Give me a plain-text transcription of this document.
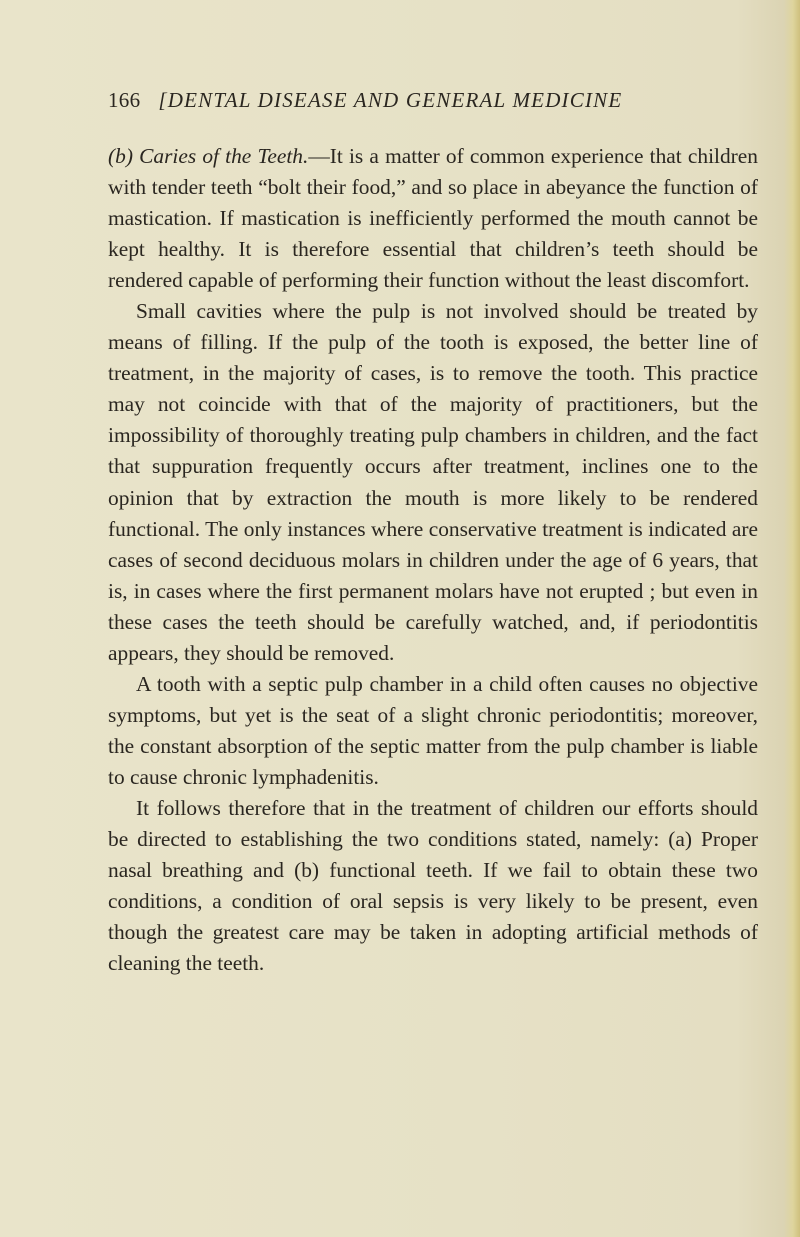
166 [DENTAL DISEASE AND GENERAL MEDICINE

(b) Caries of the Teeth.—It is a matter of common experience that children with tender teeth “bolt their food,” and so place in abeyance the function of mastication. If mastication is inefficiently performed the mouth cannot be kept healthy. It is therefore essential that children’s teeth should be rendered capable of performing their function without the least discomfort.

Small cavities where the pulp is not involved should be treated by means of filling. If the pulp of the tooth is exposed, the better line of treatment, in the majority of cases, is to remove the tooth. This practice may not coincide with that of the majority of practitioners, but the impossibility of thoroughly treating pulp chambers in children, and the fact that suppuration frequently occurs after treatment, inclines one to the opinion that by extraction the mouth is more likely to be rendered functional. The only instances where conservative treatment is indicated are cases of second deciduous molars in children under the age of 6 years, that is, in cases where the first permanent molars have not erupted ; but even in these cases the teeth should be carefully watched, and, if periodontitis appears, they should be removed.

A tooth with a septic pulp chamber in a child often causes no objective symptoms, but yet is the seat of a slight chronic periodontitis; moreover, the constant absorption of the septic matter from the pulp chamber is liable to cause chronic lymphadenitis.

It follows therefore that in the treatment of children our efforts should be directed to establishing the two conditions stated, namely: (a) Proper nasal breathing and (b) functional teeth. If we fail to obtain these two conditions, a condition of oral sepsis is very likely to be present, even though the greatest care may be taken in adopting artificial methods of cleaning the teeth.
